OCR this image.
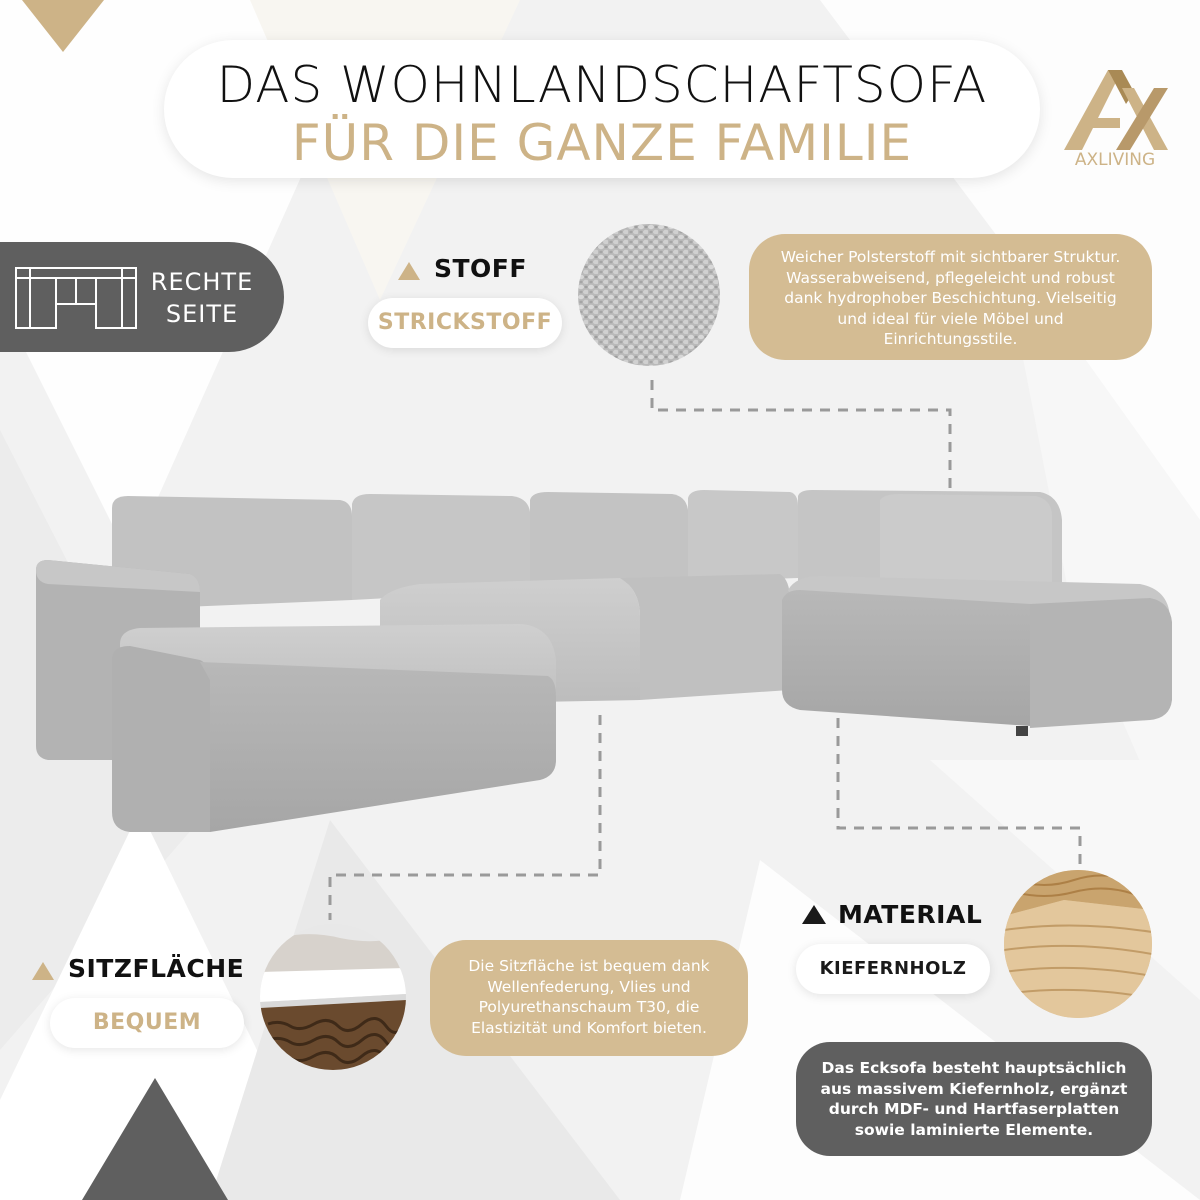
DAS WOHNLANDSCHAFTSOFA
FÜR DIE GANZE FAMILIE	AXLIVING
RECHTE
SEITE
STOFF
STRICKSTOFF
Weicher Polsterstoff mit sichtbarer Struktur. Wasserabweisend, pflegeleicht und robust dank hydrophober Beschichtung. Vielseitig und ideal für viele Möbel und Einrichtungsstile.
SITZFLÄCHE
BEQUEM
Die Sitzfläche ist bequem dank Wellenfederung, Vlies und Polyurethanschaum T30, die Elastizität und Komfort bieten.
MATERIAL
KIEFERNHOLZ
Das Ecksofa besteht hauptsächlich aus massivem Kiefernholz, ergänzt durch MDF- und Hartfaserplatten sowie laminierte Elemente.
